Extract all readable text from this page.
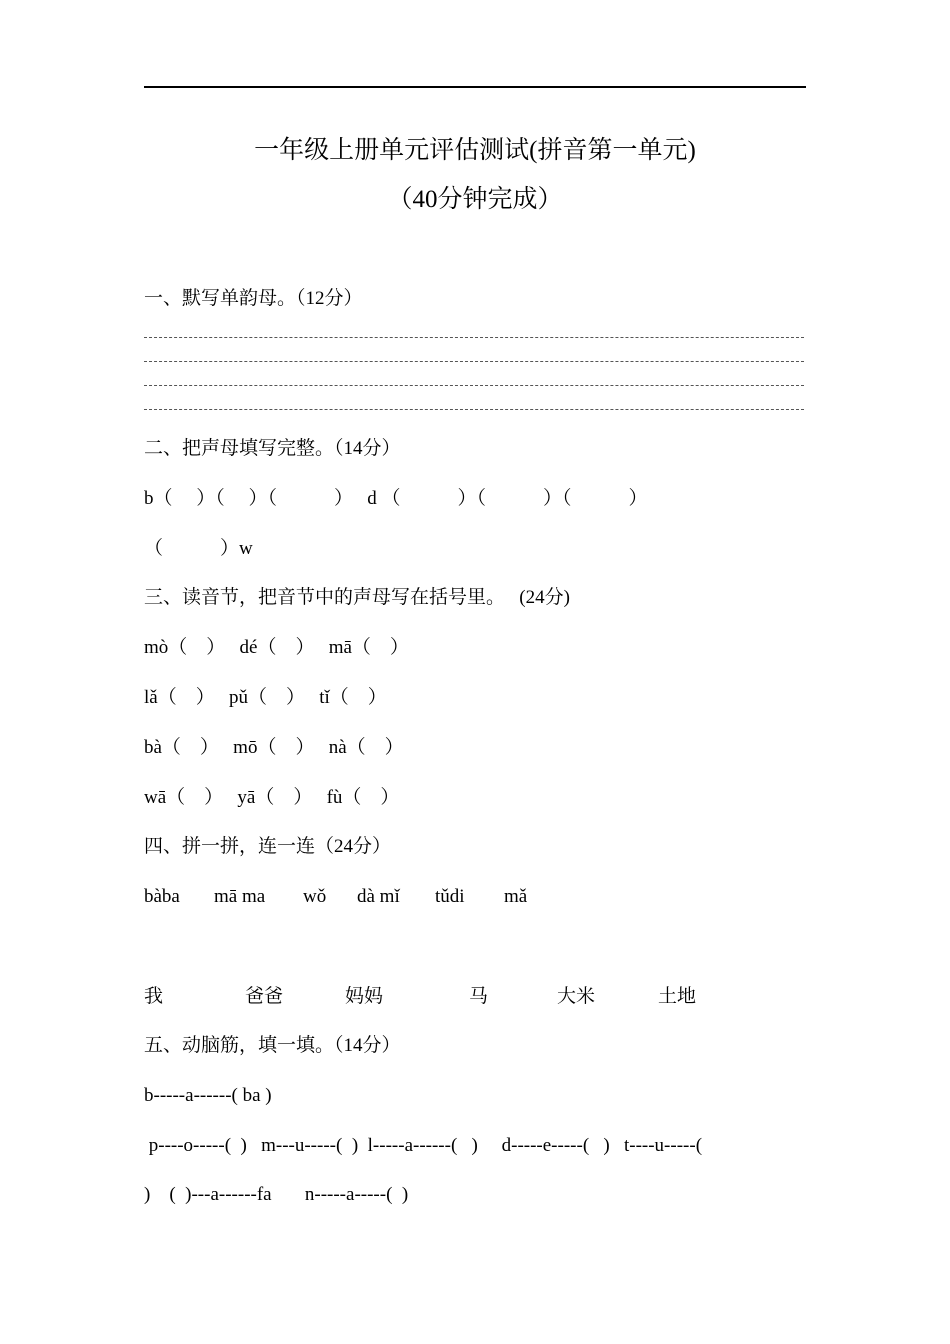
一年级上册单元评估测试(拼音第一单元)
（40分钟完成）
一、默写单韵母。（12分）
二、把声母填写完整。（14分）
b（     ）（     ）（            ）   d （            ）（            ）（            ）
（            ）w
三、读音节，把音节中的声母写在括号里。   (24分)
mò（    ）   dé（    ）   mā（    ）
lǎ（    ）   pǔ（    ）   tǐ（    ）
bà（    ）   mō（    ）   nà（    ）
wā（    ）   yā（    ）   fù（    ）
四、拼一拼，连一连（24分）
bàba mā ma wǒ dà mǐ tǔdi mǎ
我	爸爸	妈妈	马	大米	土地
五、动脑筋，填一填。（14分）
b-----a------( ba )
p----o-----(  )   m---u-----(  )  l-----a------(   )     d-----e-----(   )   t----u-----(
)    (  )---a------fa       n-----a-----(  )
